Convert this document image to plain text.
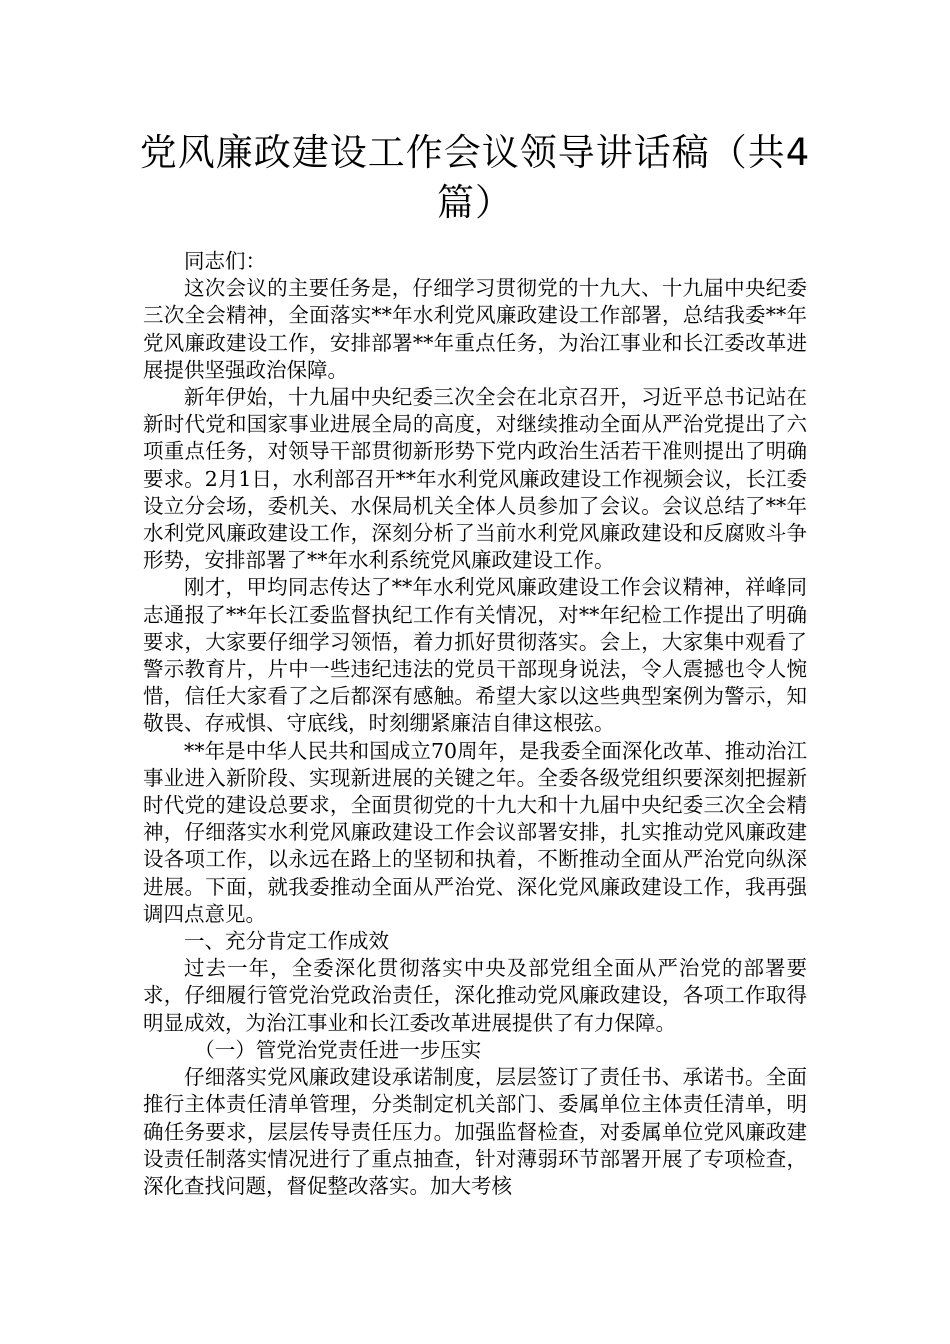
党风廉政建设工作会议领导讲话稿（共4篇）

同志们：

这次会议的主要任务是，仔细学习贯彻党的十九大、十九届中央纪委三次全会精神，全面落实**年水利党风廉政建设工作部署，总结我委**年党风廉政建设工作，安排部署**年重点任务，为治江事业和长江委改革进展提供坚强政治保障。

新年伊始，十九届中央纪委三次全会在北京召开，习近平总书记站在新时代党和国家事业进展全局的高度，对继续推动全面从严治党提出了六项重点任务，对领导干部贯彻新形势下党内政治生活若干准则提出了明确要求。2月1日，水利部召开**年水利党风廉政建设工作视频会议，长江委设立分会场，委机关、水保局机关全体人员参加了会议。会议总结了**年水利党风廉政建设工作，深刻分析了当前水利党风廉政建设和反腐败斗争形势，安排部署了**年水利系统党风廉政建设工作。

刚才，甲均同志传达了**年水利党风廉政建设工作会议精神，祥峰同志通报了**年长江委监督执纪工作有关情况，对**年纪检工作提出了明确要求，大家要仔细学习领悟，着力抓好贯彻落实。会上，大家集中观看了警示教育片，片中一些违纪违法的党员干部现身说法，令人震撼也令人惋惜，信任大家看了之后都深有感触。希望大家以这些典型案例为警示，知敬畏、存戒惧、守底线，时刻绷紧廉洁自律这根弦。

**年是中华人民共和国成立70周年，是我委全面深化改革、推动治江事业进入新阶段、实现新进展的关键之年。全委各级党组织要深刻把握新时代党的建设总要求，全面贯彻党的十九大和十九届中央纪委三次全会精神，仔细落实水利党风廉政建设工作会议部署安排，扎实推动党风廉政建设各项工作，以永远在路上的坚韧和执着，不断推动全面从严治党向纵深进展。下面，就我委推动全面从严治党、深化党风廉政建设工作，我再强调四点意见。

一、充分肯定工作成效

过去一年，全委深化贯彻落实中央及部党组全面从严治党的部署要求，仔细履行管党治党政治责任，深化推动党风廉政建设，各项工作取得明显成效，为治江事业和长江委改革进展提供了有力保障。

（一）管党治党责任进一步压实

仔细落实党风廉政建设承诺制度，层层签订了责任书、承诺书。全面推行主体责任清单管理，分类制定机关部门、委属单位主体责任清单，明确任务要求，层层传导责任压力。加强监督检查，对委属单位党风廉政建设责任制落实情况进行了重点抽查，针对薄弱环节部署开展了专项检查，深化查找问题，督促整改落实。加大考核
